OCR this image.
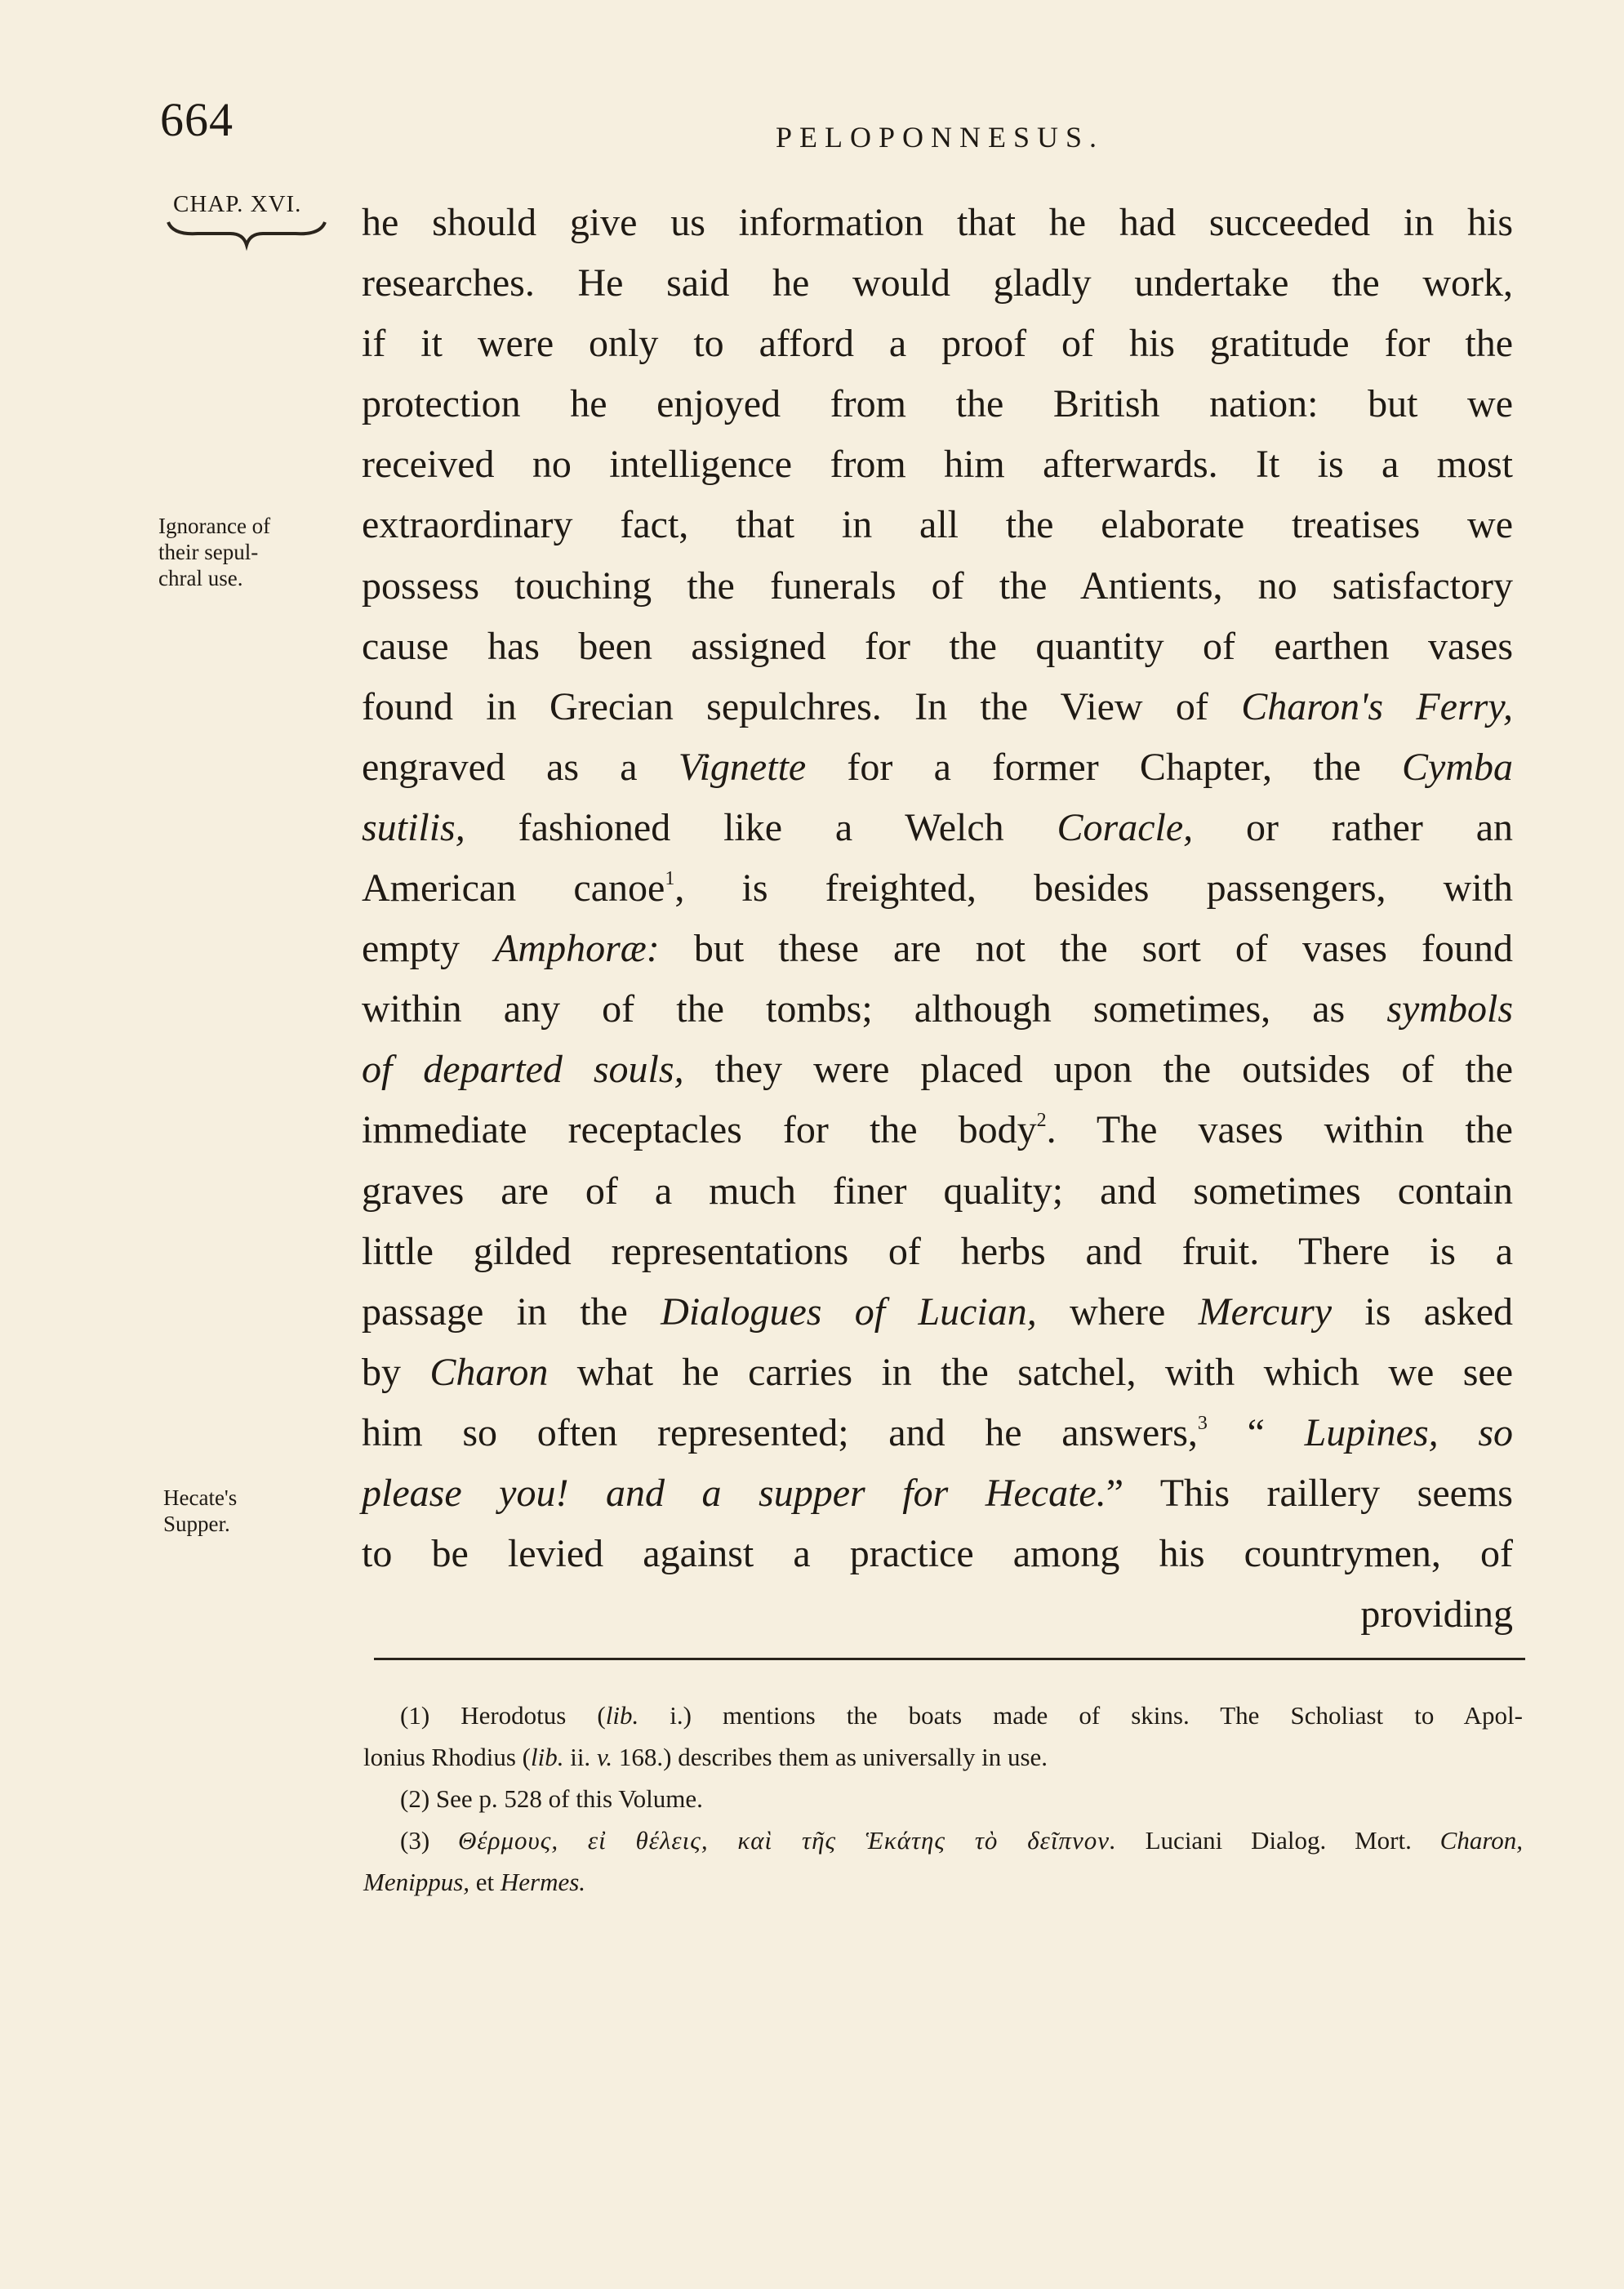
664	PELOPONNESUS.
CHAP. XVI.
Ignorance of
their sepul-
chral use.
Hecate's
Supper.
he should give us information that he had succeeded in his
researches. He said he would gladly undertake the work,
if it were only to afford a proof of his gratitude for the
protection he enjoyed from the British nation: but we
received no intelligence from him afterwards. It is a most
extraordinary fact, that in all the elaborate treatises we
possess touching the funerals of the Antients, no satisfactory
cause has been assigned for the quantity of earthen vases
found in Grecian sepulchres. In the View of Charon's Ferry,
engraved as a Vignette for a former Chapter, the Cymba
sutilis, fashioned like a Welch Coracle, or rather an
American canoe$^1$, is freighted, besides passengers, with
empty Amphoræ: but these are not the sort of vases found
within any of the tombs; although sometimes, as symbols
of departed souls, they were placed upon the outsides of the
immediate receptacles for the body$^2$. The vases within the
graves are of a much finer quality; and sometimes contain
little gilded representations of herbs and fruit. There is a
passage in the Dialogues of Lucian, where Mercury is asked
by Charon what he carries in the satchel, with which we see
him so often represented; and he answers,$^3$ “ Lupines, so
please you! and a supper for Hecate.” This raillery seems
to be levied against a practice among his countrymen, of
providing
(1) Herodotus (lib. i.) mentions the boats made of skins. The Scholiast to Apol-
lonius Rhodius (lib. ii. v. 168.) describes them as universally in use.
(2) See p. 528 of this Volume.
(3) Θέρμους, εἰ θέλεις, καὶ τῆς Ἑκάτης τὸ δεῖπνον. Luciani Dialog. Mort. Charon,
Menippus, et Hermes.
